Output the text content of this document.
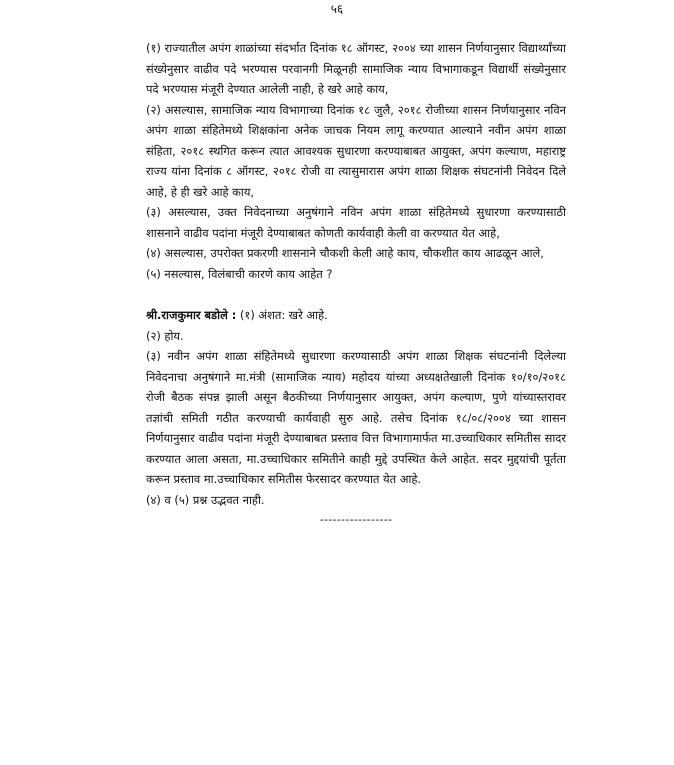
५६

(१) राज्यातील अपंग शाळांच्या संदर्भात दिनांक १८ ऑगस्ट, २००४ च्या शासन निर्णयानुसार विद्यार्थ्यांच्या संख्येनुसार वाढीव पदे भरण्यास परवानगी मिळूनही सामाजिक न्याय विभागाकडून विद्यार्थी संख्येनुसार पदे भरण्यास मंजूरी देण्यात आलेली नाही, हे खरे आहे काय,

(२) असल्यास, सामाजिक न्याय विभागाच्या दिनांक १८ जुलै, २०१८ रोजीच्या शासन निर्णयानुसार नविन अपंग शाळा संहितेमध्ये शिक्षकांना अनेक जाचक नियम लागू करण्यात आल्याने नवीन अपंग शाळा संहिता, २०१८ स्थगित करून त्यात आवश्यक सुधारणा करण्याबाबत आयुक्त, अपंग कल्याण, महाराष्ट्र राज्य यांना दिनांक ८ ऑगस्ट, २०१८ रोजी वा त्यासुमारास अपंग शाळा शिक्षक संघटनांनी निवेदन दिले आहे, हे ही खरे आहे काय,

(३) असल्यास, उक्त निवेदनाच्या अनुषंगाने नविन अपंग शाळा संहितेमध्ये सुधारणा करण्यासाठी शासनाने वाढीव पदांना मंजूरी देण्याबाबत कोणती कार्यवाही केली वा करण्यात येत आहे,

(४) असल्यास, उपरोक्त प्रकरणी शासनाने चौकशी केली आहे काय, चौकशीत काय आढळून आले,

(५) नसल्यास, विलंबाची कारणे काय आहेत ?

श्री.राजकुमार बडोले : (१) अंशत: खरे आहे.

(२) होय.

(३) नवीन अपंग शाळा संहितेमध्ये सुधारणा करण्यासाठी अपंग शाळा शिक्षक संघटनांनी दिलेल्या निवेदनाचा अनुषंगाने मा.मंत्री (सामाजिक न्याय) महोदय यांच्या अध्यक्षतेखाली दिनांक १०/१०/२०१८ रोजी बैठक संपन्न झाली असून बैठकीच्या निर्णयानुसार आयुक्त, अपंग कल्याण, पुणे यांच्यास्तरावर तज्ञांची समिती गठीत करण्याची कार्यवाही सुरु आहे. तसेच दिनांक १८/०८/२००४ च्या शासन निर्णयानुसार वाढीव पदांना मंजूरी देण्याबाबत प्रस्ताव वित्त विभागामार्फत मा.उच्चाधिकार समितीस सादर करण्यात आला असता, मा.उच्चाधिकार समितीने काही मुद्दे उपस्थित केले आहेत. सदर मुद्दयांची पूर्तता करून प्रस्ताव मा.उच्चाधिकार समितीस फेरसादर करण्यात येत आहे.

(४) व (५) प्रश्न उद्भवत नाही.

-----------------
